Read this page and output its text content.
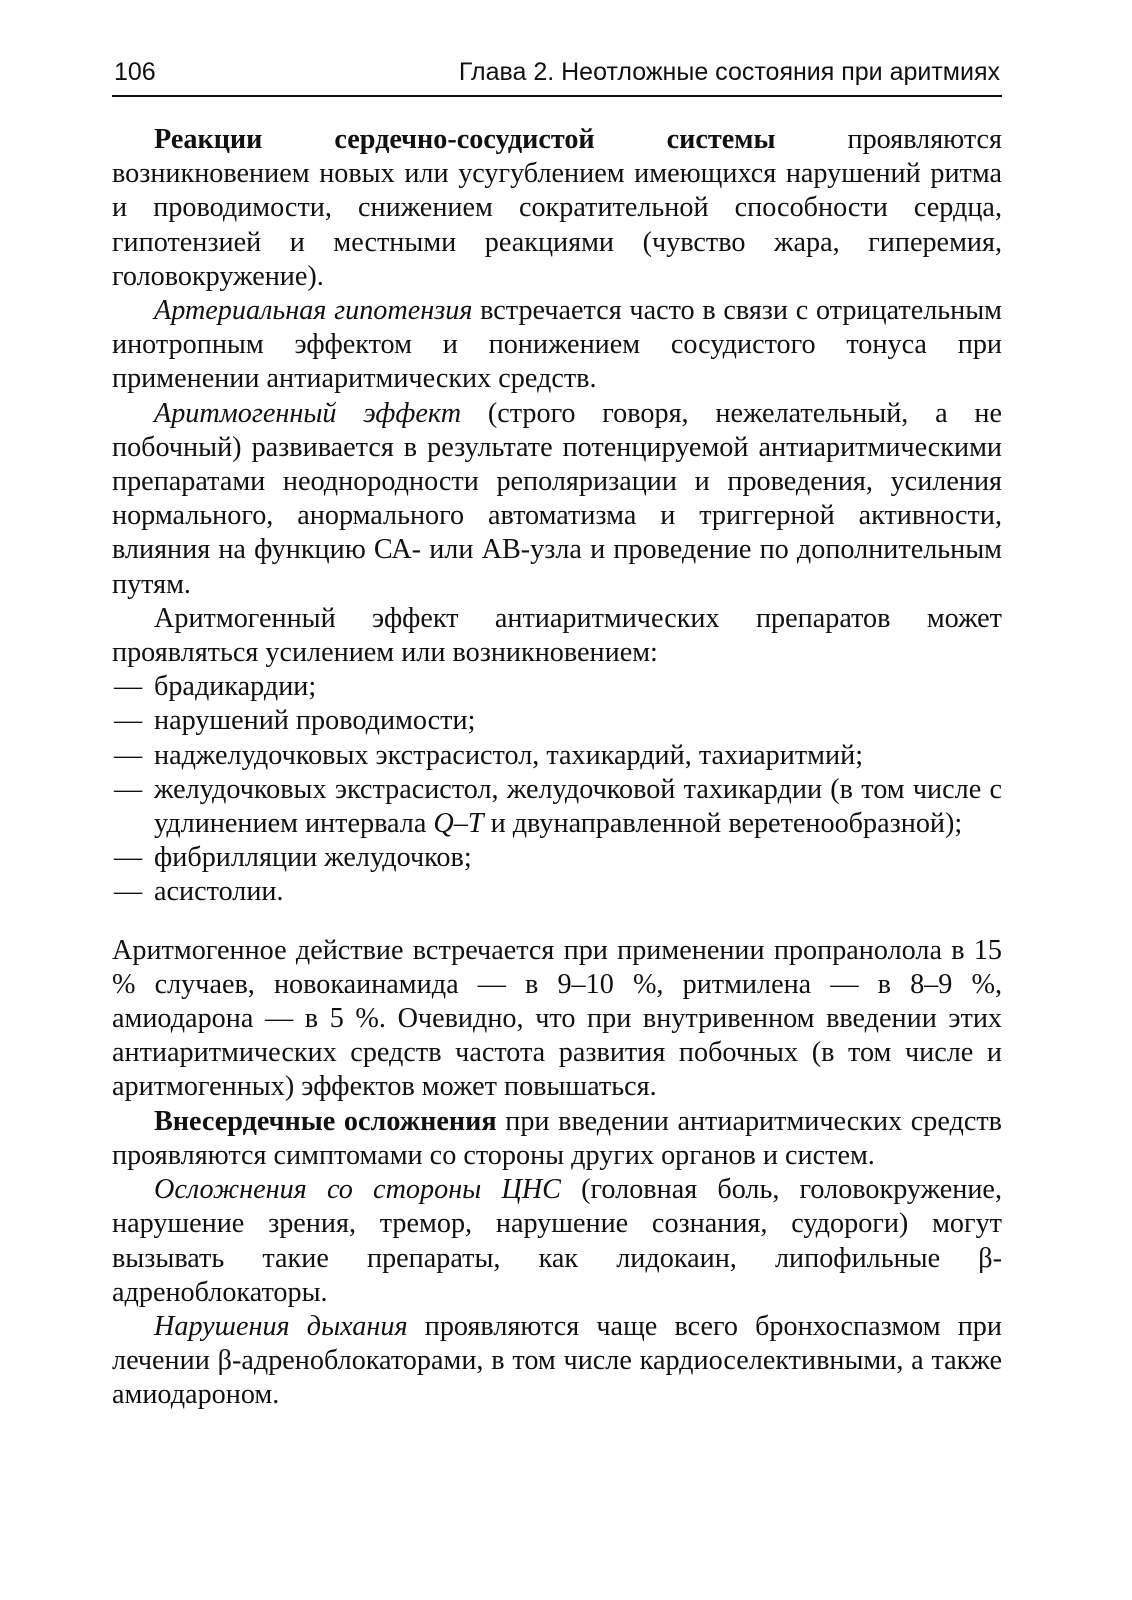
106	Глава 2. Неотложные состояния при аритмиях

Реакции сердечно-сосудистой системы проявляются возникновением новых или усугублением имеющихся нарушений ритма и проводимости, снижением сократительной способности сердца, гипотензией и местными реакциями (чувство жара, гиперемия, головокружение).

Артериальная гипотензия встречается часто в связи с отрицательным инотропным эффектом и понижением сосудистого тонуса при применении антиаритмических средств.

Аритмогенный эффект (строго говоря, нежелательный, а не побочный) развивается в результате потенцируемой антиаритмическими препаратами неоднородности реполяризации и проведения, усиления нормального, анормального автоматизма и триггерной активности, влияния на функцию СА- или АВ-узла и проведение по дополнительным путям.

Аритмогенный эффект антиаритмических препаратов может проявляться усилением или возникновением:

— брадикардии;
— нарушений проводимости;
— наджелудочковых экстрасистол, тахикардий, тахиаритмий;
— желудочковых экстрасистол, желудочковой тахикардии (в том числе с удлинением интервала Q–T и двунаправленной веретенообразной);
— фибрилляции желудочков;
— асистолии.

Аритмогенное действие встречается при применении пропранолола в 15 % случаев, новокаинамида — в 9–10 %, ритмилена — в 8–9 %, амиодарона — в 5 %. Очевидно, что при внутривенном введении этих антиаритмических средств частота развития побочных (в том числе и аритмогенных) эффектов может повышаться.

Внесердечные осложнения при введении антиаритмических средств проявляются симптомами со стороны других органов и систем.

Осложнения со стороны ЦНС (головная боль, головокружение, нарушение зрения, тремор, нарушение сознания, судороги) могут вызывать такие препараты, как лидокаин, липофильные β-адреноблокаторы.

Нарушения дыхания проявляются чаще всего бронхоспазмом при лечении β-адреноблокаторами, в том числе кардиоселективными, а также амиодароном.
